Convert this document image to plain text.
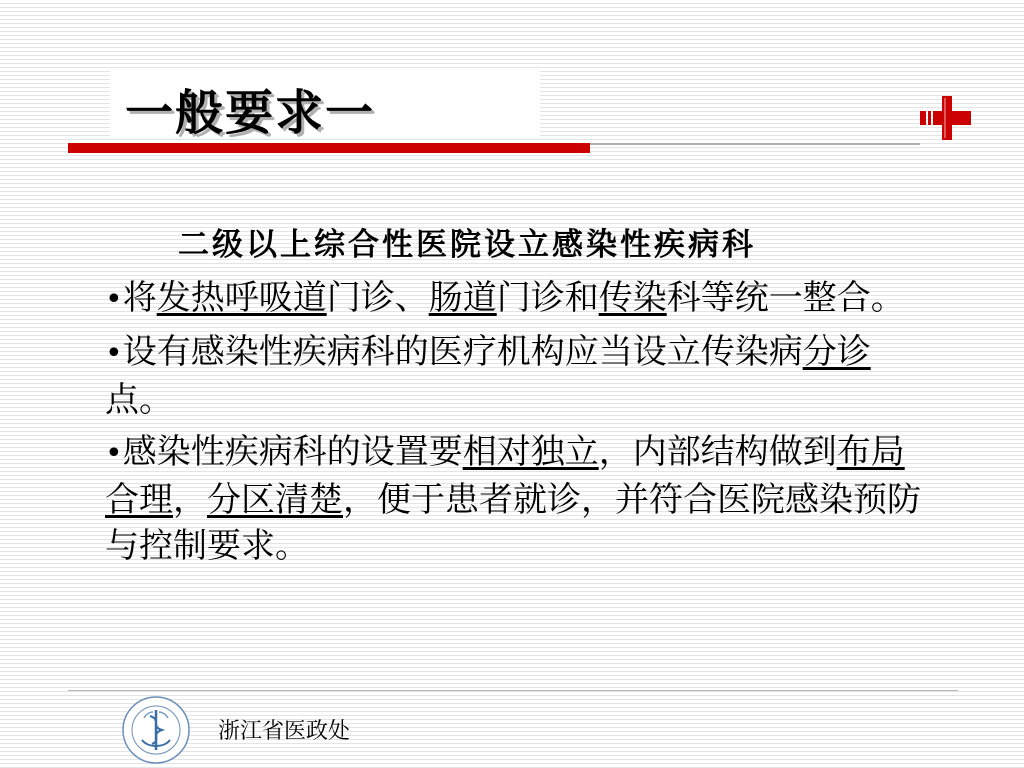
一般要求一
二级以上综合性医院设立感染性疾病科

•将发热呼吸道门诊、肠道门诊和传染科等统一整合。

•设有感染性疾病科的医疗机构应当设立传染病分诊点。

•感染性疾病科的设置要相对独立，内部结构做到布局合理，分区清楚，便于患者就诊，并符合医院感染预防与控制要求。

浙江省医政处
